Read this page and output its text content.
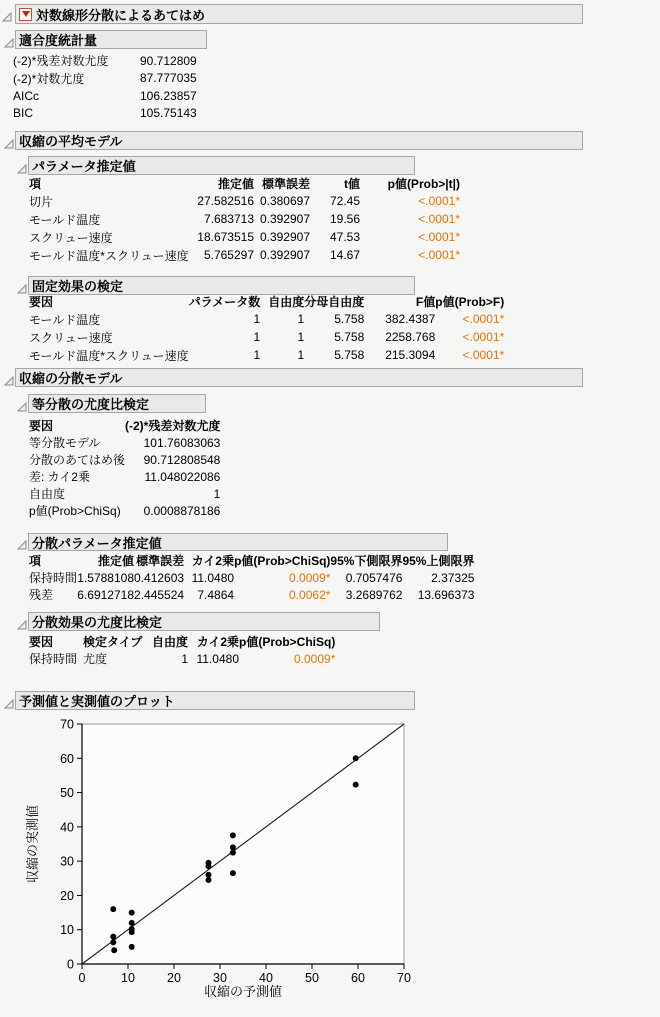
対数線形分散によるあてはめ
適合度統計量
(-2)*残差対数尤度	90.712809
(-2)*対数尤度	87.777035
AICc	106.23857
BIC	105.75143
収縮の平均モデル
パラメータ推定値
項	推定値	標準誤差	t値	p値(Prob>|t|)
切片	27.582516	0.380697	72.45	<.0001*
モールド温度	7.683713	0.392907	19.56	<.0001*
スクリュー速度	18.673515	0.392907	47.53	<.0001*
モールド温度*スクリュー速度	5.765297	0.392907	14.67	<.0001*
固定効果の検定
要因	パラメータ数	自由度	分母自由度	F値	p値(Prob>F)
モールド温度	1	1	5.758	382.4387	<.0001*
スクリュー速度	1	1	5.758	2258.768	<.0001*
モールド温度*スクリュー速度	1	1	5.758	215.3094	<.0001*
収縮の分散モデル
等分散の尤度比検定
要因	(-2)*残差対数尤度
等分散モデル	101.76083063
分散のあてはめ後	90.712808548
差: カイ2乗	11.048022086
自由度	1
p値(Prob>ChiSq)	0.0008878186
分散パラメータ推定値
項	推定値	標準誤差	カイ2乗	p値(Prob>ChiSq)	95%下側限界	95%上側限界
保持時間	1.5788108	0.412603	11.0480	0.0009*	0.7057476	2.37325
残差	6.6912718	2.445524	7.4864	0.0062*	3.2689762	13.696373
分散効果の尤度比検定
要因	検定タイプ	自由度	カイ2乗	p値(Prob>ChiSq)
保持時間	尤度	1	11.0480	0.0009*
予測値と実測値のプロット
0	10	20	30	40	50	60	70
0
10
20
30
40
50
60
70
収縮の予測値
収縮の実測値
